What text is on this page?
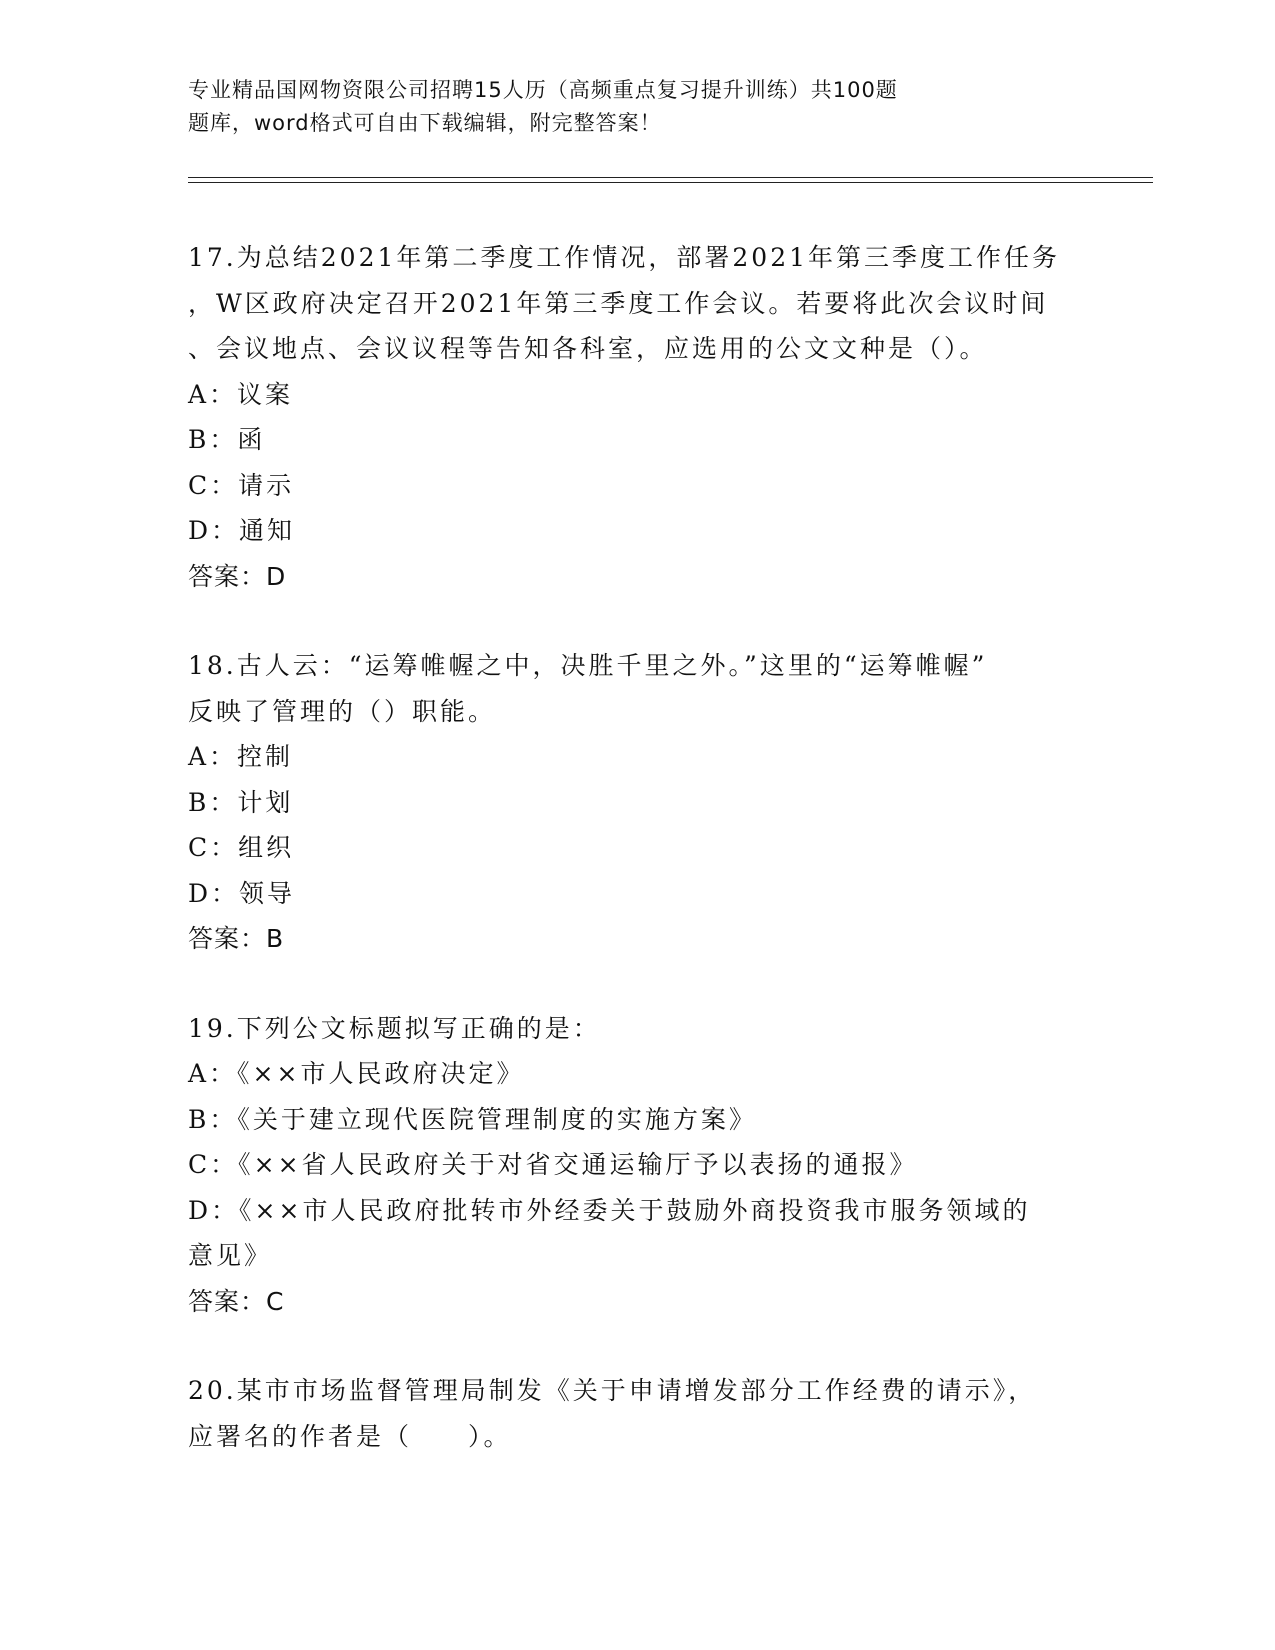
专业精品国网物资限公司招聘15人历（高频重点复习提升训练）共100题
题库，word格式可自由下载编辑，附完整答案！
17.为总结2021年第二季度工作情况，部署2021年第三季度工作任务
，W区政府决定召开2021年第三季度工作会议。若要将此次会议时间
、会议地点、会议议程等告知各科室，应选用的公文文种是（）。
A：议案
B：函
C：请示
D：通知
答案：D
18.古人云：“运筹帷幄之中，决胜千里之外。”这里的“运筹帷幄”
反映了管理的（）职能。
A：控制
B：计划
C：组织
D：领导
答案：B
19.下列公文标题拟写正确的是：
A：《××市人民政府决定》
B：《关于建立现代医院管理制度的实施方案》
C：《××省人民政府关于对省交通运输厅予以表扬的通报》
D：《××市人民政府批转市外经委关于鼓励外商投资我市服务领域的
意见》
答案：C
20.某市市场监督管理局制发《关于申请增发部分工作经费的请示》，
应署名的作者是（　　）。
